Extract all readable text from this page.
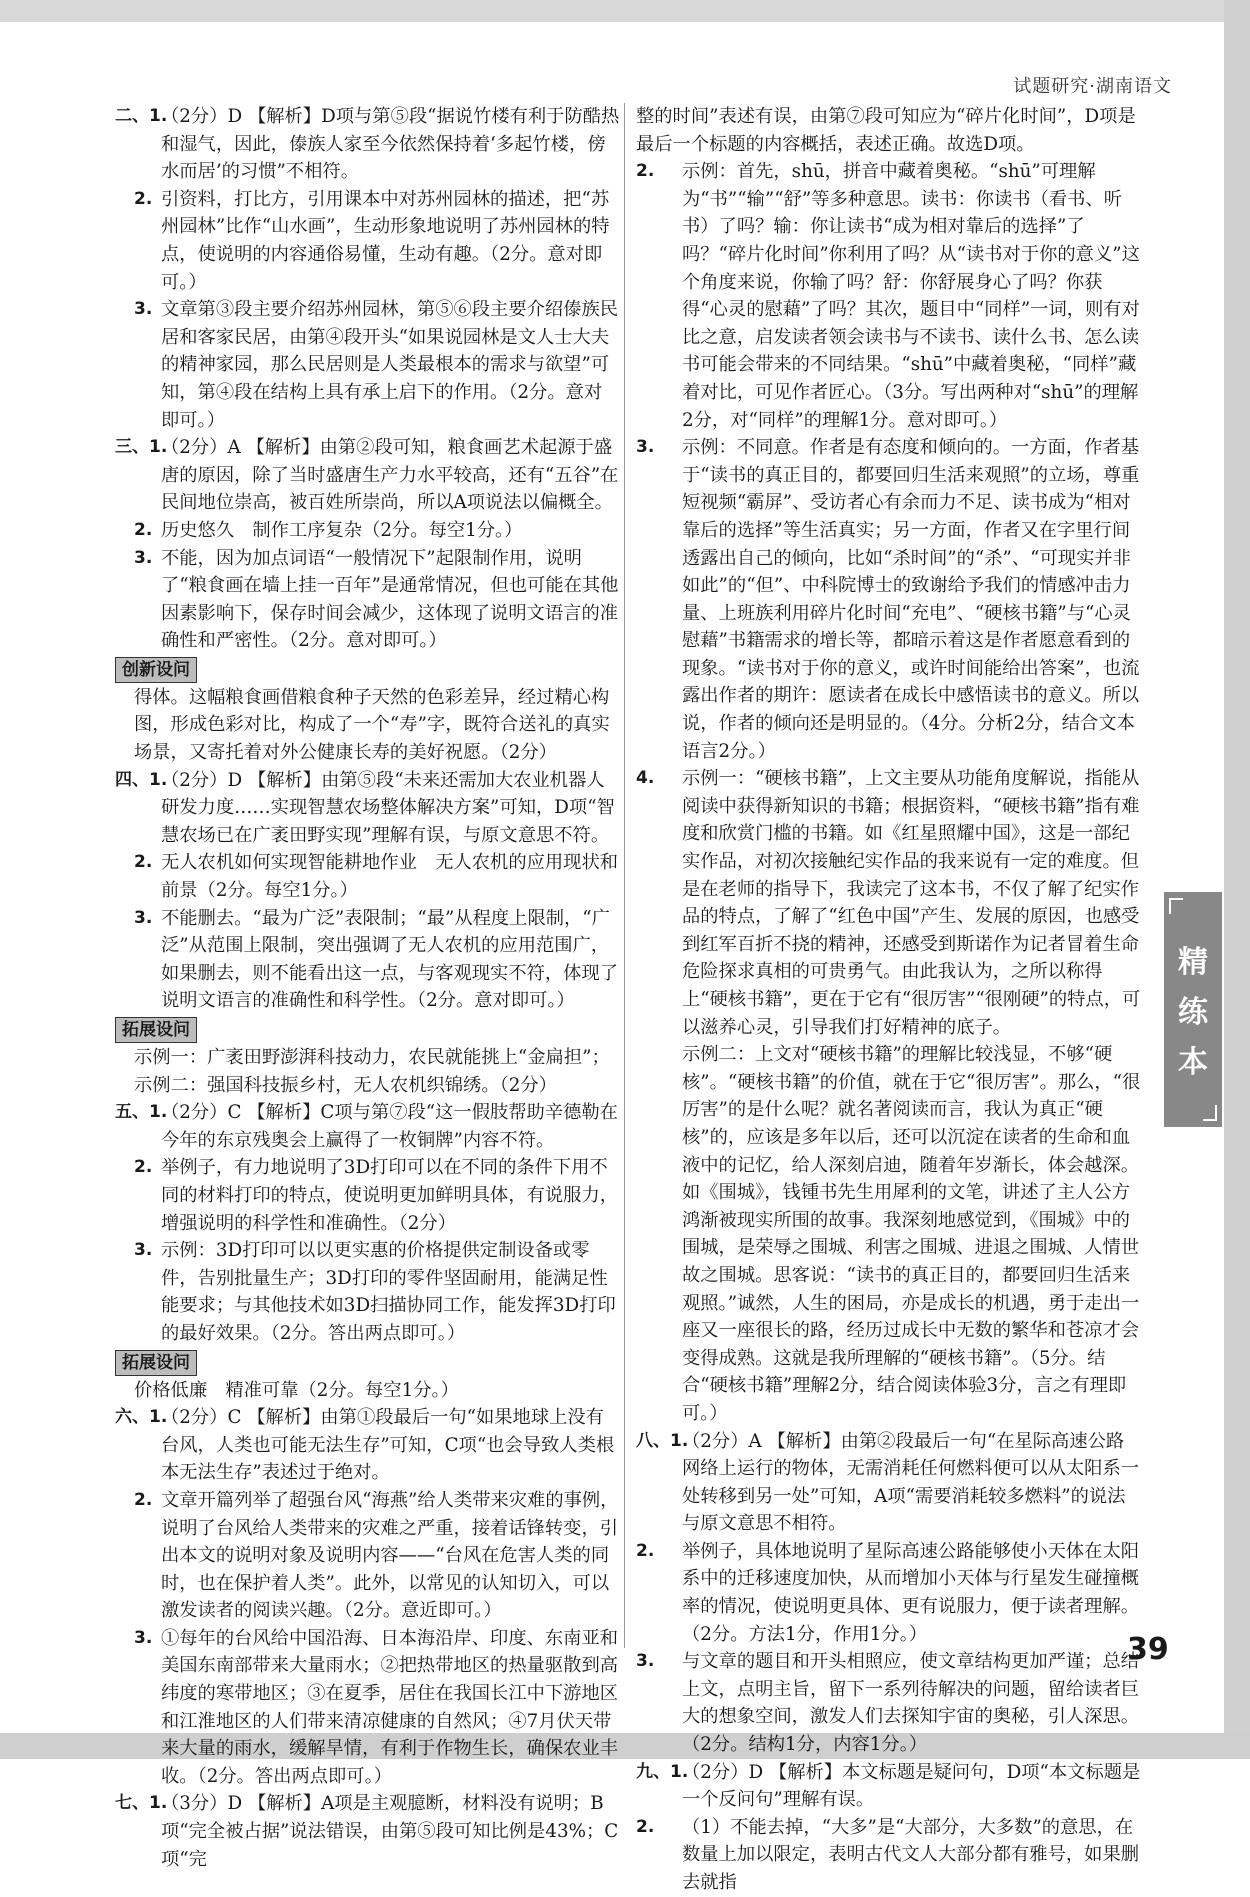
试题研究·湖南语文
二、1.
（2分）D 【解析】D项与第⑤段“据说竹楼有利于防酷热和湿气，因此，傣族人家至今依然保持着‘多起竹楼，傍水而居’的习惯”不相符。
2. 引资料，打比方，引用课本中对苏州园林的描述，把“苏州园林”比作“山水画”，生动形象地说明了苏州园林的特点，使说明的内容通俗易懂，生动有趣。（2分。意对即可。）
3. 文章第③段主要介绍苏州园林，第⑤⑥段主要介绍傣族民居和客家民居，由第④段开头“如果说园林是文人士大夫的精神家园，那么民居则是人类最根本的需求与欲望”可知，第④段在结构上具有承上启下的作用。（2分。意对即可。）
三、1.
（2分）A 【解析】由第②段可知，粮食画艺术起源于盛唐的原因，除了当时盛唐生产力水平较高，还有“五谷”在民间地位崇高，被百姓所崇尚，所以A项说法以偏概全。
2. 历史悠久　制作工序复杂（2分。每空1分。）
3. 不能，因为加点词语“一般情况下”起限制作用，说明了“粮食画在墙上挂一百年”是通常情况，但也可能在其他因素影响下，保存时间会减少，这体现了说明文语言的准确性和严密性。（2分。意对即可。）
创新设问
得体。这幅粮食画借粮食种子天然的色彩差异，经过精心构图，形成色彩对比，构成了一个“寿”字，既符合送礼的真实场景，又寄托着对外公健康长寿的美好祝愿。（2分）
四、1.
（2分）D 【解析】由第⑤段“未来还需加大农业机器人研发力度……实现智慧农场整体解决方案”可知，D项“智慧农场已在广袤田野实现”理解有误，与原文意思不符。
2. 无人农机如何实现智能耕地作业　无人农机的应用现状和前景（2分。每空1分。）
3. 不能删去。“最为广泛”表限制；“最”从程度上限制，“广泛”从范围上限制，突出强调了无人农机的应用范围广，如果删去，则不能看出这一点，与客观现实不符，体现了说明文语言的准确性和科学性。（2分。意对即可。）
拓展设问
示例一：广袤田野澎湃科技动力，农民就能挑上“金扁担”；
示例二：强国科技振乡村，无人农机织锦绣。（2分）
五、1.
（2分）C 【解析】C项与第⑦段“这一假肢帮助辛德勒在今年的东京残奥会上赢得了一枚铜牌”内容不符。
2. 举例子，有力地说明了3D打印可以在不同的条件下用不同的材料打印的特点，使说明更加鲜明具体，有说服力，增强说明的科学性和准确性。（2分）
3. 示例：3D打印可以以更实惠的价格提供定制设备或零件，告别批量生产；3D打印的零件坚固耐用，能满足性能要求；与其他技术如3D扫描协同工作，能发挥3D打印的最好效果。（2分。答出两点即可。）
拓展设问
价格低廉　精准可靠（2分。每空1分。）
六、1.
（2分）C 【解析】由第①段最后一句“如果地球上没有台风，人类也可能无法生存”可知，C项“也会导致人类根本无法生存”表述过于绝对。
2. 文章开篇列举了超强台风“海燕”给人类带来灾难的事例，说明了台风给人类带来的灾难之严重，接着话锋转变，引出本文的说明对象及说明内容——“台风在危害人类的同时，也在保护着人类”。此外，以常见的认知切入，可以激发读者的阅读兴趣。（2分。意近即可。）
3. ①每年的台风给中国沿海、日本海沿岸、印度、东南亚和美国东南部带来大量雨水；②把热带地区的热量驱散到高纬度的寒带地区；③在夏季，居住在我国长江中下游地区和江淮地区的人们带来清凉健康的自然风；④7月伏天带来大量的雨水，缓解旱情，有利于作物生长，确保农业丰收。（2分。答出两点即可。）
七、1.
（3分）D 【解析】A项是主观臆断，材料没有说明；B项“完全被占据”说法错误，由第⑤段可知比例是43%；C项“完
整的时间”表述有误，由第⑦段可知应为“碎片化时间”，D项是最后一个标题的内容概括，表述正确。故选D项。
2. 示例：首先，shū，拼音中藏着奥秘。“shū”可理解为“书”“输”“舒”等多种意思。读书：你读书（看书、听书）了吗？输：你让读书“成为相对靠后的选择”了吗？“碎片化时间”你利用了吗？从“读书对于你的意义”这个角度来说，你输了吗？舒：你舒展身心了吗？你获得“心灵的慰藉”了吗？其次，题目中“同样”一词，则有对比之意，启发读者领会读书与不读书、读什么书、怎么读书可能会带来的不同结果。“shū”中藏着奥秘，“同样”藏着对比，可见作者匠心。（3分。写出两种对“shū”的理解2分，对“同样”的理解1分。意对即可。）
3. 示例：不同意。作者是有态度和倾向的。一方面，作者基于“读书的真正目的，都要回归生活来观照”的立场，尊重短视频“霸屏”、受访者心有余而力不足、读书成为“相对靠后的选择”等生活真实；另一方面，作者又在字里行间透露出自己的倾向，比如“杀时间”的“杀”、“可现实并非如此”的“但”、中科院博士的致谢给予我们的情感冲击力量、上班族利用碎片化时间“充电”、“硬核书籍”与“心灵慰藉”书籍需求的增长等，都暗示着这是作者愿意看到的现象。“读书对于你的意义，或许时间能给出答案”，也流露出作者的期许：愿读者在成长中感悟读书的意义。所以说，作者的倾向还是明显的。（4分。分析2分，结合文本语言2分。）
4. 示例一：“硬核书籍”，上文主要从功能角度解说，指能从阅读中获得新知识的书籍；根据资料，“硬核书籍”指有难度和欣赏门槛的书籍。如《红星照耀中国》，这是一部纪实作品，对初次接触纪实作品的我来说有一定的难度。但是在老师的指导下，我读完了这本书，不仅了解了纪实作品的特点，了解了“红色中国”产生、发展的原因，也感受到红军百折不挠的精神，还感受到斯诺作为记者冒着生命危险探求真相的可贵勇气。由此我认为，之所以称得上“硬核书籍”，更在于它有“很厉害”“很刚硬”的特点，可以滋养心灵，引导我们打好精神的底子。
示例二：上文对“硬核书籍”的理解比较浅显，不够“硬核”。“硬核书籍”的价值，就在于它“很厉害”。那么，“很厉害”的是什么呢？就名著阅读而言，我认为真正“硬核”的，应该是多年以后，还可以沉淀在读者的生命和血液中的记忆，给人深刻启迪，随着年岁渐长，体会越深。如《围城》，钱锺书先生用犀利的文笔，讲述了主人公方鸿渐被现实所围的故事。我深刻地感觉到，《围城》中的围城，是荣辱之围城、利害之围城、进退之围城、人情世故之围城。思客说：“读书的真正目的，都要回归生活来观照。”诚然，人生的困局，亦是成长的机遇，勇于走出一座又一座很长的路，经历过成长中无数的繁华和苍凉才会变得成熟。这就是我所理解的“硬核书籍”。（5分。结合“硬核书籍”理解2分，结合阅读体验3分，言之有理即可。）
八、1.
（2分）A 【解析】由第②段最后一句“在星际高速公路网络上运行的物体，无需消耗任何燃料便可以从太阳系一处转移到另一处”可知，A项“需要消耗较多燃料”的说法与原文意思不相符。
2. 举例子，具体地说明了星际高速公路能够使小天体在太阳系中的迁移速度加快，从而增加小天体与行星发生碰撞概率的情况，使说明更具体、更有说服力，便于读者理解。（2分。方法1分，作用1分。）
3. 与文章的题目和开头相照应，使文章结构更加严谨；总结上文，点明主旨，留下一系列待解决的问题，留给读者巨大的想象空间，激发人们去探知宇宙的奥秘，引人深思。（2分。结构1分，内容1分。）
九、1.
（2分）D 【解析】本文标题是疑问句，D项“本文标题是一个反问句”理解有误。
2. （1）不能去掉，“大多”是“大部分，大多数”的意思，在数量上加以限定，表明古代文人大部分都有雅号，如果删去就指
精
练
本
39
